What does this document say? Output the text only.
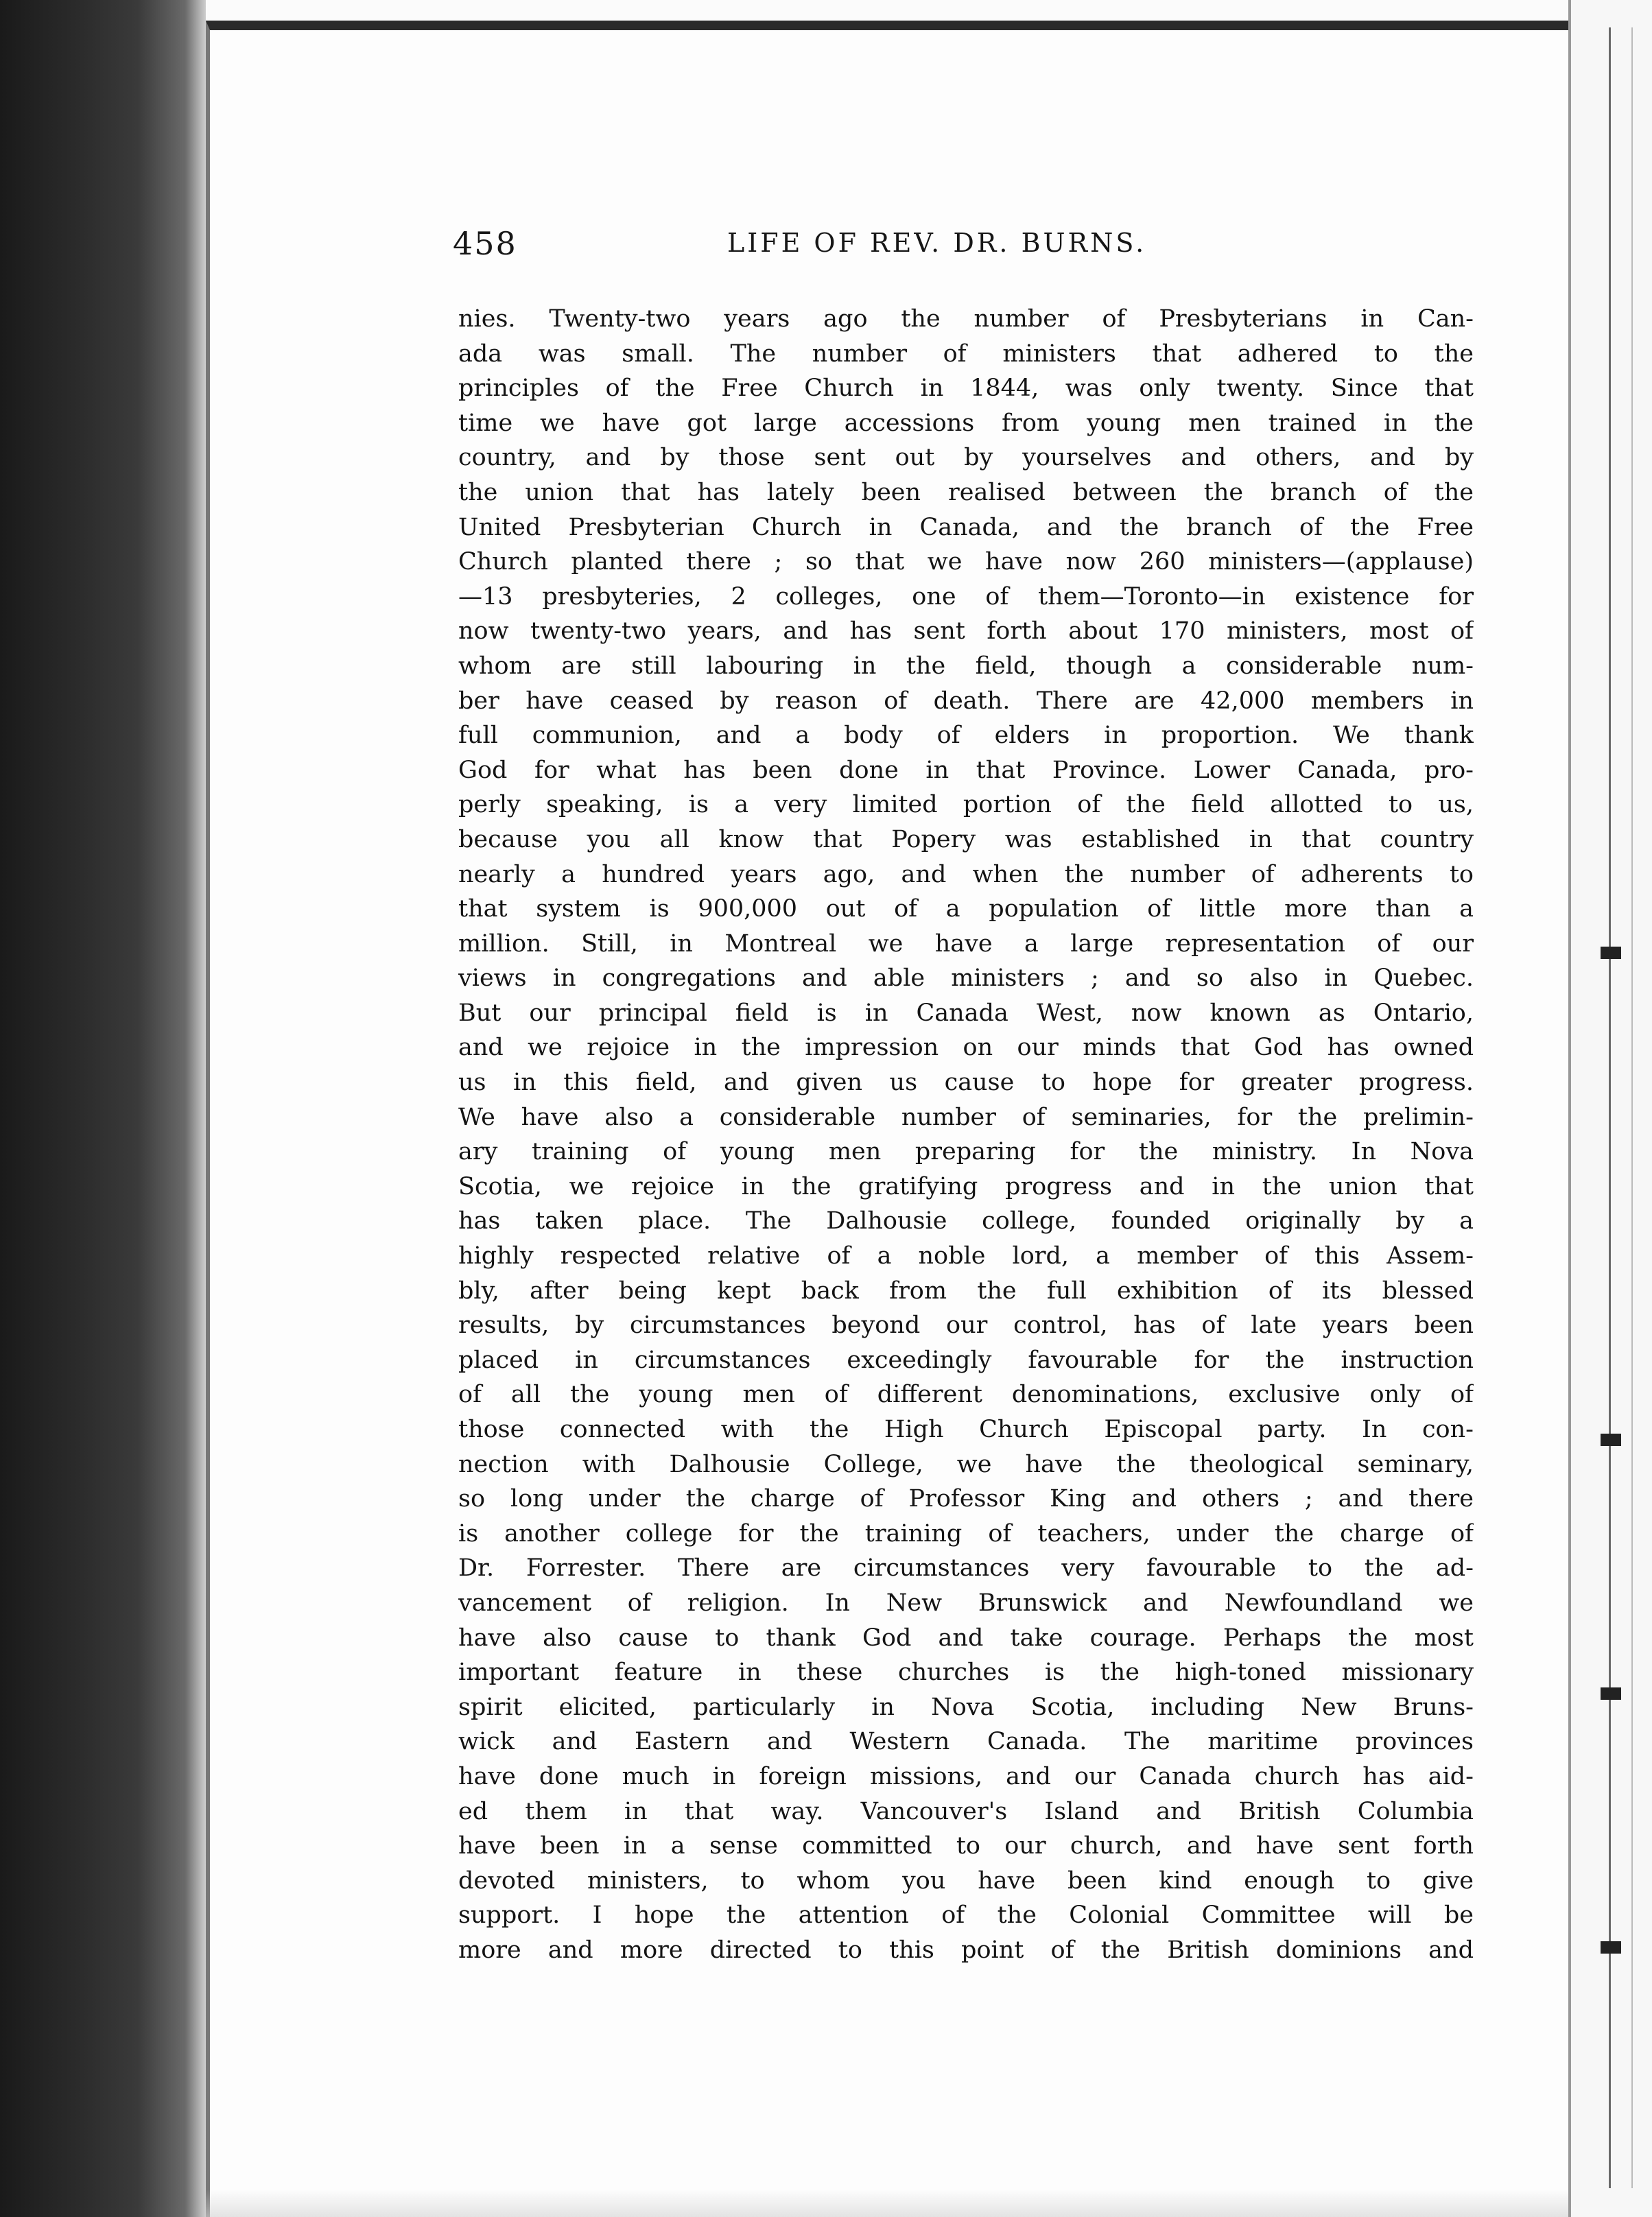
458	LIFE OF REV. DR. BURNS.
nies. Twenty-two years ago the number of Presbyterians in Can-
ada was small. The number of ministers that adhered to the
principles of the Free Church in 1844, was only twenty. Since that
time we have got large accessions from young men trained in the
country, and by those sent out by yourselves and others, and by
the union that has lately been realised between the branch of the
United Presbyterian Church in Canada, and the branch of the Free
Church planted there ; so that we have now 260 ministers—(applause)
—13 presbyteries, 2 colleges, one of them—Toronto—in existence for
now twenty-two years, and has sent forth about 170 ministers, most of
whom are still labouring in the field, though a considerable num-
ber have ceased by reason of death. There are 42,000 members in
full communion, and a body of elders in proportion. We thank
God for what has been done in that Province. Lower Canada, pro-
perly speaking, is a very limited portion of the field allotted to us,
because you all know that Popery was established in that country
nearly a hundred years ago, and when the number of adherents to
that system is 900,000 out of a population of little more than a
million. Still, in Montreal we have a large representation of our
views in congregations and able ministers ; and so also in Quebec.
But our principal field is in Canada West, now known as Ontario,
and we rejoice in the impression on our minds that God has owned
us in this field, and given us cause to hope for greater progress.
We have also a considerable number of seminaries, for the prelimin-
ary training of young men preparing for the ministry. In Nova
Scotia, we rejoice in the gratifying progress and in the union that
has taken place. The Dalhousie college, founded originally by a
highly respected relative of a noble lord, a member of this Assem-
bly, after being kept back from the full exhibition of its blessed
results, by circumstances beyond our control, has of late years been
placed in circumstances exceedingly favourable for the instruction
of all the young men of different denominations, exclusive only of
those connected with the High Church Episcopal party. In con-
nection with Dalhousie College, we have the theological seminary,
so long under the charge of Professor King and others ; and there
is another college for the training of teachers, under the charge of
Dr. Forrester. There are circumstances very favourable to the ad-
vancement of religion. In New Brunswick and Newfoundland we
have also cause to thank God and take courage. Perhaps the most
important feature in these churches is the high-toned missionary
spirit elicited, particularly in Nova Scotia, including New Bruns-
wick and Eastern and Western Canada. The maritime provinces
have done much in foreign missions, and our Canada church has aid-
ed them in that way. Vancouver's Island and British Columbia
have been in a sense committed to our church, and have sent forth
devoted ministers, to whom you have been kind enough to give
support. I hope the attention of the Colonial Committee will be
more and more directed to this point of the British dominions and
